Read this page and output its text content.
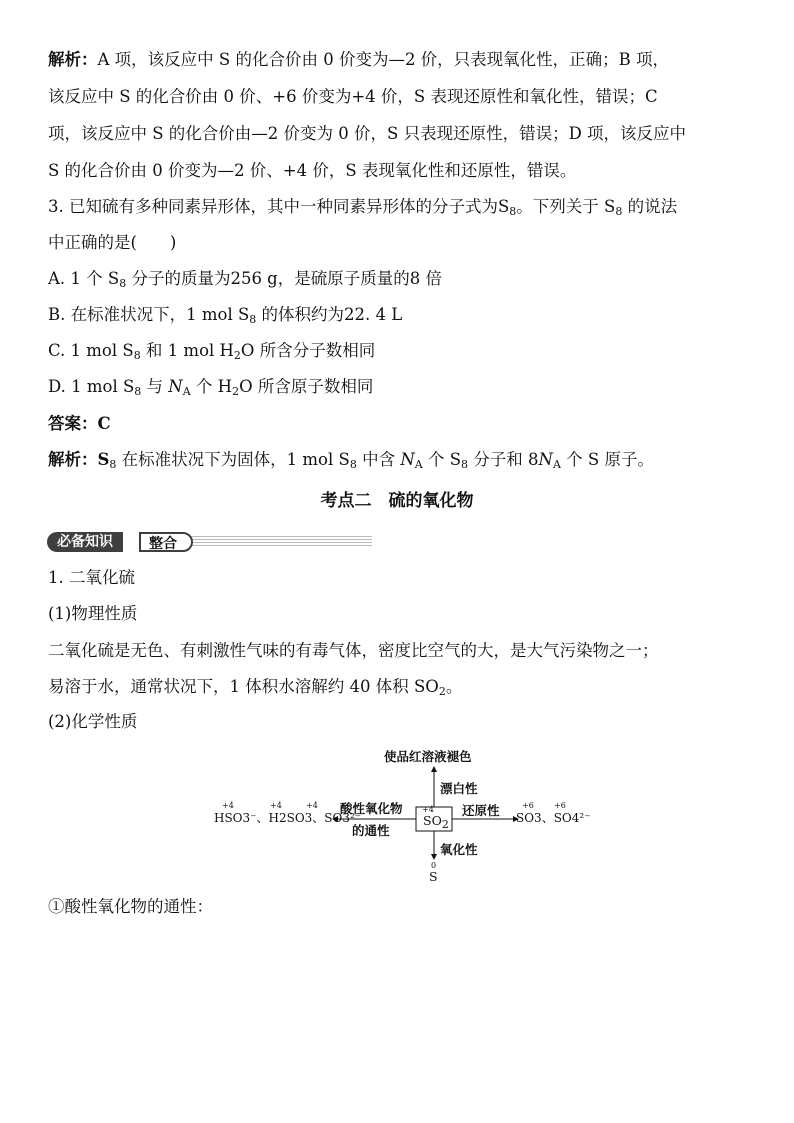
解析：A 项，该反应中 S 的化合价由 0 价变为—2 价，只表现氧化性，正确；B 项，
该反应中 S 的化合价由 0 价、+6 价变为+4 价，S 表现还原性和氧化性，错误；C
项，该反应中 S 的化合价由—2 价变为 0 价，S 只表现还原性，错误；D 项，该反应中
S 的化合价由 0 价变为—2 价、+4 价，S 表现氧化性和还原性，错误。
3. 已知硫有多种同素异形体，其中一种同素异形体的分子式为$S_8$。下列关于 $S_8$ 的说法
中正确的是(　　)
A. 1 个 $S_8$ 分子的质量为256 g，是硫原子质量的8 倍
B. 在标准状况下，1 mol $S_8$ 的体积约为22. 4 L
C. 1 mol $S_8$ 和 1 mol $H_2O$ 所含分子数相同
D. 1 mol $S_8$ 与 $N_A$ 个 $H_2O$ 所含原子数相同
答案：C
解析：$S_8$ 在标准状况下为固体，1 mol $S_8$ 中含 $N_A$ 个 $S_8$ 分子和 $8N_A$ 个 S 原子。
考点二　硫的氧化物
必备知识	整合
1. 二氧化硫
(1)物理性质
二氧化硫是无色、有刺激性气味的有毒气体，密度比空气的大，是大气污染物之一；
易溶于水，通常状况下，1 体积水溶解约 40 体积 $SO_2$。
(2)化学性质
使品红溶液褪色
漂白性
酸性氧化物
的通性
还原性
氧化性
+4
$SO_2$
+4	+4	+4
HSO3⁻、H2SO3、SO3²⁻
+6	+6
SO3、SO4²⁻
0
S
①酸性氧化物的通性：
